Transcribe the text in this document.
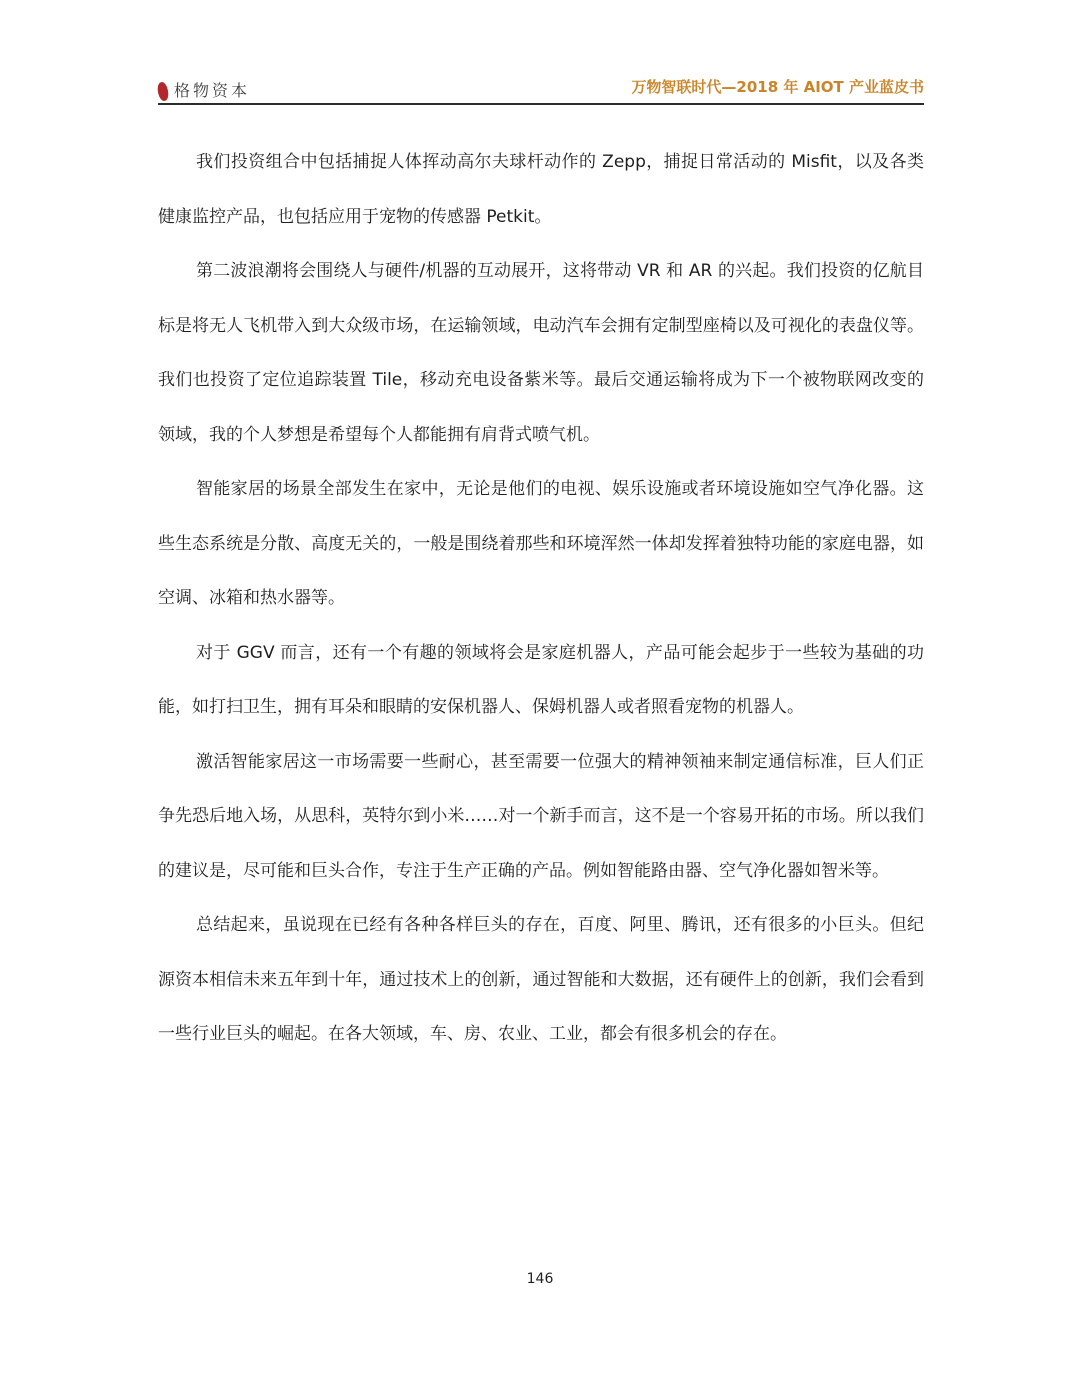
格物资本	万物智联时代—2018 年 AIOT 产业蓝皮书

我们投资组合中包括捕捉人体挥动高尔夫球杆动作的 Zepp，捕捉日常活动的 Misfit，以及各类健康监控产品，也包括应用于宠物的传感器 Petkit。

第二波浪潮将会围绕人与硬件/机器的互动展开，这将带动 VR 和 AR 的兴起。我们投资的亿航目标是将无人飞机带入到大众级市场，在运输领域，电动汽车会拥有定制型座椅以及可视化的表盘仪等。我们也投资了定位追踪装置 Tile，移动充电设备紫米等。最后交通运输将成为下一个被物联网改变的领域，我的个人梦想是希望每个人都能拥有肩背式喷气机。

智能家居的场景全部发生在家中，无论是他们的电视、娱乐设施或者环境设施如空气净化器。这些生态系统是分散、高度无关的，一般是围绕着那些和环境浑然一体却发挥着独特功能的家庭电器，如空调、冰箱和热水器等。

对于 GGV 而言，还有一个有趣的领域将会是家庭机器人，产品可能会起步于一些较为基础的功能，如打扫卫生，拥有耳朵和眼睛的安保机器人、保姆机器人或者照看宠物的机器人。

激活智能家居这一市场需要一些耐心，甚至需要一位强大的精神领袖来制定通信标准，巨人们正争先恐后地入场，从思科，英特尔到小米……对一个新手而言，这不是一个容易开拓的市场。所以我们的建议是，尽可能和巨头合作，专注于生产正确的产品。例如智能路由器、空气净化器如智米等。

总结起来，虽说现在已经有各种各样巨头的存在，百度、阿里、腾讯，还有很多的小巨头。但纪源资本相信未来五年到十年，通过技术上的创新，通过智能和大数据，还有硬件上的创新，我们会看到一些行业巨头的崛起。在各大领域，车、房、农业、工业，都会有很多机会的存在。

146
